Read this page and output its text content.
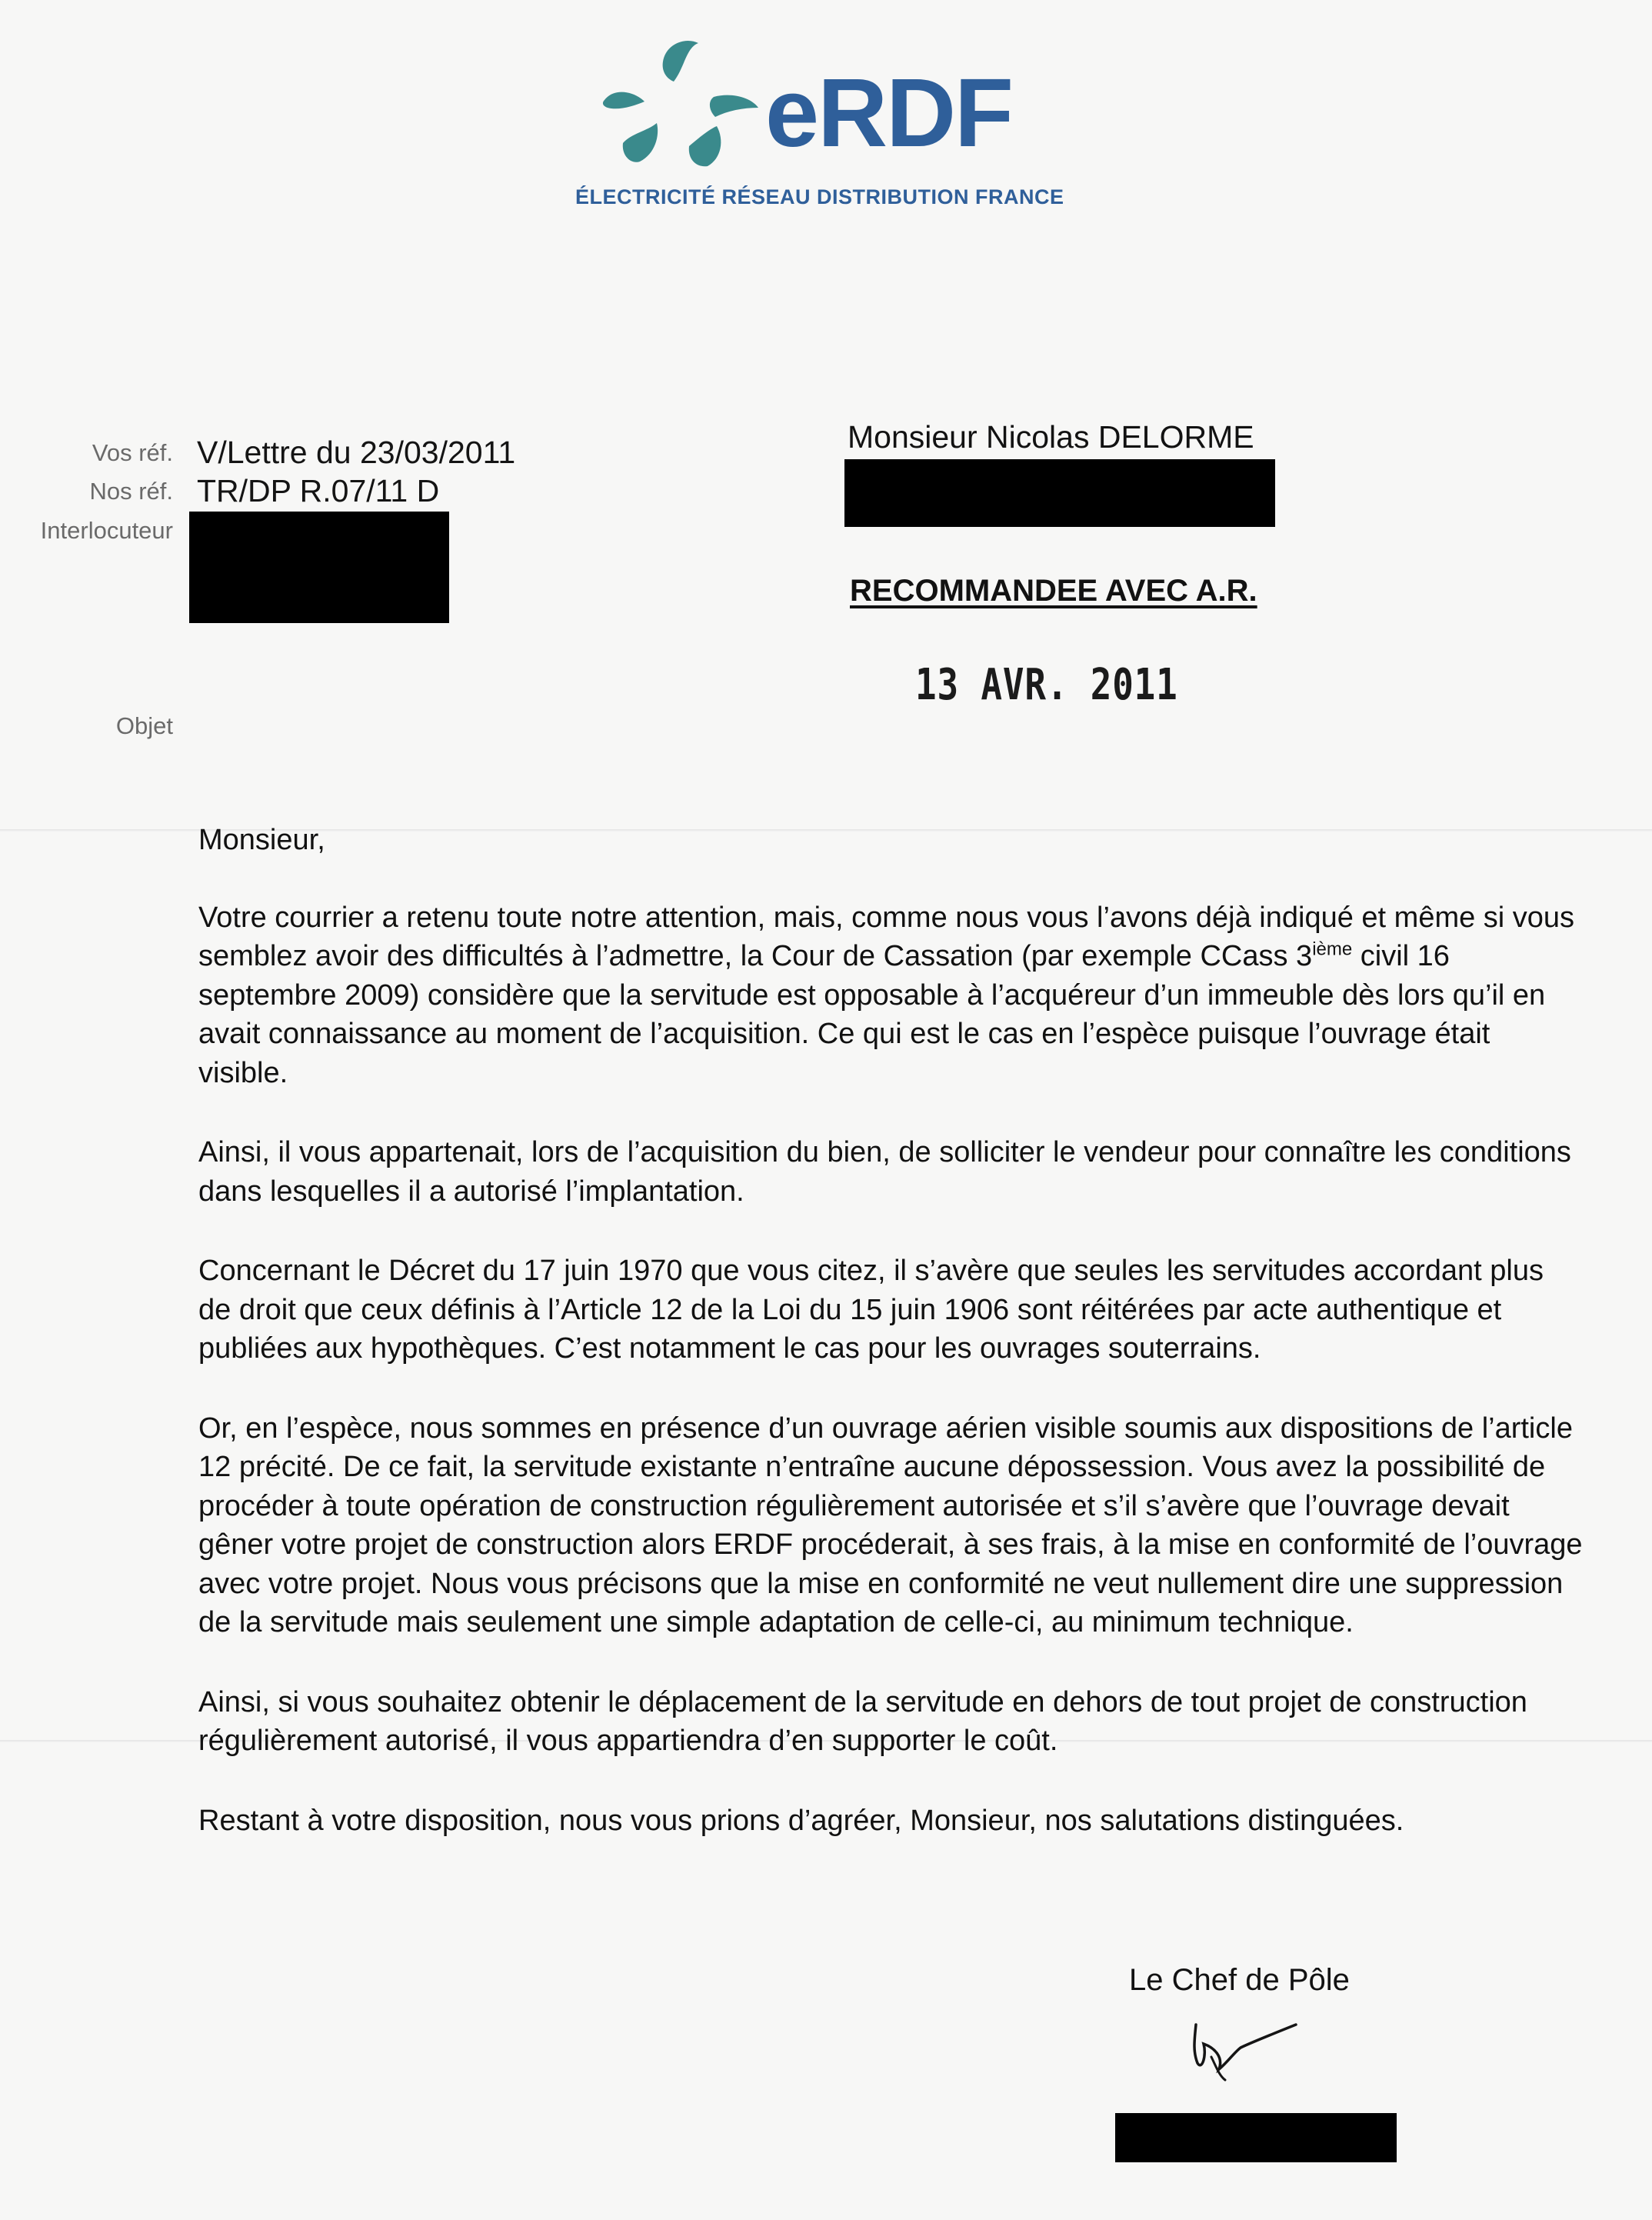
eRDF
ÉLECTRICITÉ RÉSEAU DISTRIBUTION FRANCE
Vos réf. V/Lettre du 23/03/2011
Nos réf. TR/DP R.07/11 D
Interlocuteur
Objet
Monsieur Nicolas DELORME
RECOMMANDEE AVEC A.R.
13 AVR. 2011

Monsieur,

Votre courrier a retenu toute notre attention, mais, comme nous vous l’avons déjà indiqué et même si vous semblez avoir des difficultés à l’admettre, la Cour de Cassation (par exemple CCass 3ième civil 16 septembre 2009) considère que la servitude est opposable à l’acquéreur d’un immeuble dès lors qu’il en avait connaissance au moment de l’acquisition. Ce qui est le cas en l’espèce puisque l’ouvrage était visible.

Ainsi, il vous appartenait, lors de l’acquisition du bien, de solliciter le vendeur pour connaître les conditions dans lesquelles il a autorisé l’implantation.

Concernant le Décret du 17 juin 1970 que vous citez, il s’avère que seules les servitudes accordant plus de droit que ceux définis à l’Article 12 de la Loi du 15 juin 1906 sont réitérées par acte authentique et publiées aux hypothèques. C’est notamment le cas pour les ouvrages souterrains.

Or, en l’espèce, nous sommes en présence d’un ouvrage aérien visible soumis aux dispositions de l’article 12 précité. De ce fait, la servitude existante n’entraîne aucune dépossession. Vous avez la possibilité de procéder à toute opération de construction régulièrement autorisée et s’il s’avère que l’ouvrage devait gêner votre projet de construction alors ERDF procéderait, à ses frais, à la mise en conformité de l’ouvrage avec votre projet. Nous vous précisons que la mise en conformité ne veut nullement dire une suppression de la servitude mais seulement une simple adaptation de celle-ci, au minimum technique.

Ainsi, si vous souhaitez obtenir le déplacement de la servitude en dehors de tout projet de construction régulièrement autorisé, il vous appartiendra d’en supporter le coût.

Restant à votre disposition, nous vous prions d’agréer, Monsieur, nos salutations distinguées.

Le Chef de Pôle
